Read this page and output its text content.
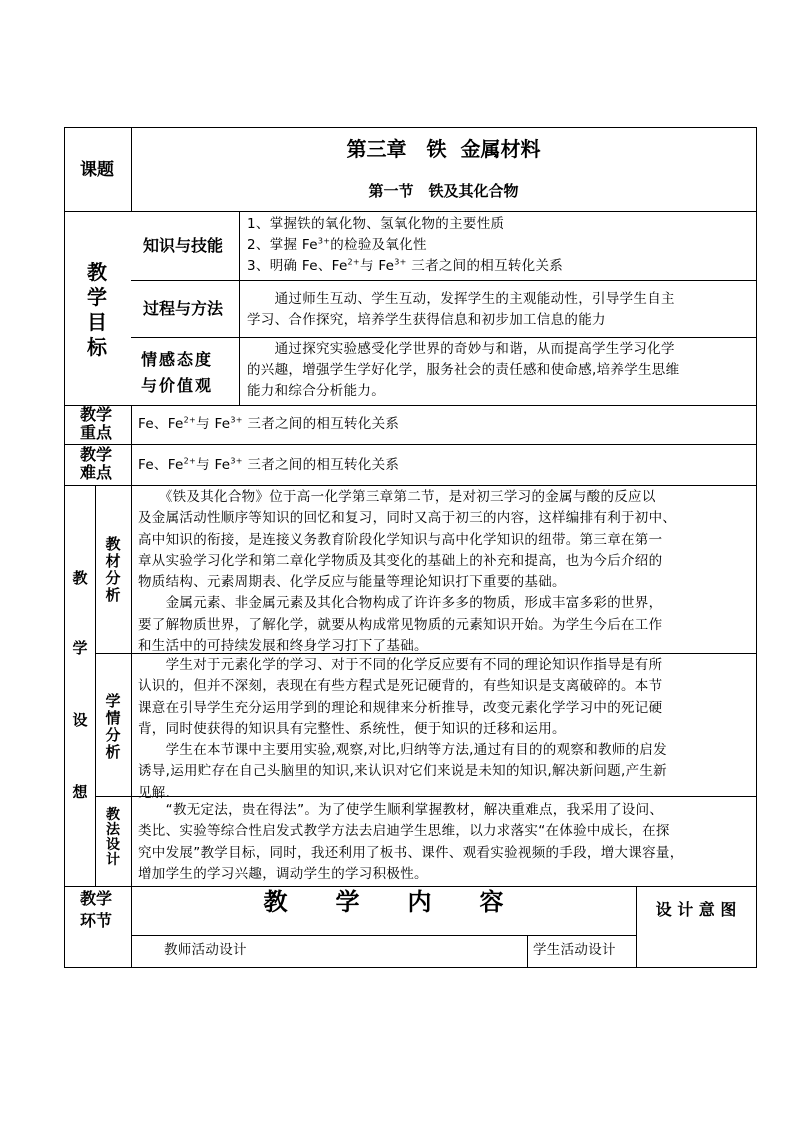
课题
第三章　铁  金属材料
第一节　铁及其化合物
教
学
目
标
知识与技能
1、掌握铁的氧化物、氢氧化物的主要性质
2、掌握 $Fe^{3+}$的检验及氧化性
3、明确 Fe、$Fe^{2+}$与 $Fe^{3+}$ 三者之间的相互转化关系
过程与方法 　　通过师生互动、学生互动，发挥学生的主观能动性，引导学生自主
学习、合作探究，培养学生获得信息和初步加工信息的能力
情感态度
与价值观
　　通过探究实验感受化学世界的奇妙与和谐，从而提高学生学习化学
的兴趣，增强学生学好化学，服务社会的责任感和使命感,培养学生思维
能力和综合分析能力。
教学
重点 Fe、$Fe^{2+}$与 $Fe^{3+}$ 三者之间的相互转化关系
教学
难点 Fe、$Fe^{2+}$与 $Fe^{3+}$ 三者之间的相互转化关系
教
学
设
想
教材分析
　　《铁及其化合物》位于高一化学第三章第二节，是对初三学习的金属与酸的反应以
及金属活动性顺序等知识的回忆和复习，同时又高于初三的内容，这样编排有利于初中、
高中知识的衔接，是连接义务教育阶段化学知识与高中化学知识的纽带。第三章在第一
章从实验学习化学和第二章化学物质及其变化的基础上的补充和提高，也为今后介绍的
物质结构、元素周期表、化学反应与能量等理论知识打下重要的基础。
　　金属元素、非金属元素及其化合物构成了许许多多的物质，形成丰富多彩的世界，
要了解物质世界，了解化学，就要从构成常见物质的元素知识开始。为学生今后在工作
和生活中的可持续发展和终身学习打下了基础。
学情分析
　　学生对于元素化学的学习、对于不同的化学反应要有不同的理论知识作指导是有所
认识的，但并不深刻，表现在有些方程式是死记硬背的，有些知识是支离破碎的。本节
课意在引导学生充分运用学到的理论和规律来分析推导，改变元素化学学习中的死记硬
背，同时使获得的知识具有完整性、系统性，便于知识的迁移和运用。
　　学生在本节课中主要用实验,观察,对比,归纳等方法,通过有目的的观察和教师的启发
诱导,运用贮存在自己头脑里的知识,来认识对它们来说是未知的知识,解决新问题,产生新
见解.
教法设计
　　“教无定法，贵在得法”。为了使学生顺利掌握教材，解决重难点，我采用了设问、
类比、实验等综合性启发式教学方法去启迪学生思维，以力求落实“在体验中成长，在探
究中发展”教学目标，同时，我还利用了板书、课件、观看实验视频的手段，增大课容量，
增加学生的学习兴趣，调动学生的学习积极性。
教学
环节
教　　学　　内　　容	设 计 意 图
教师活动设计	学生活动设计
